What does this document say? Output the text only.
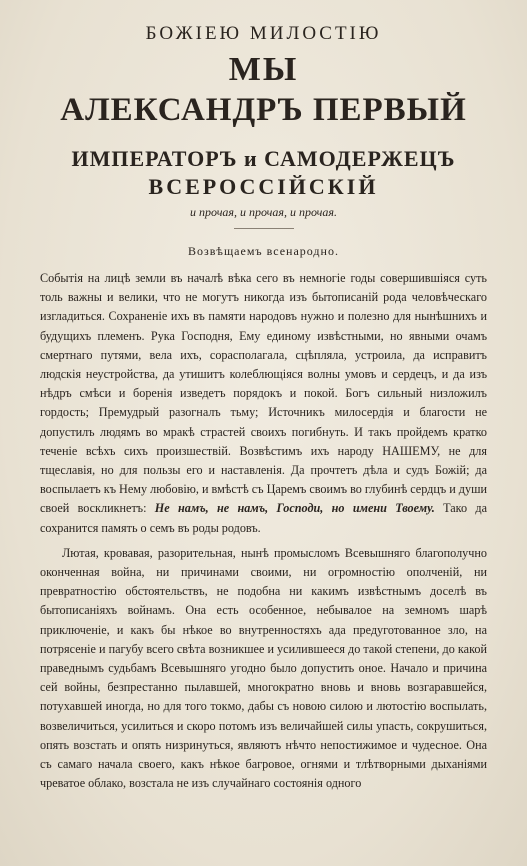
БОЖІЕЮ МИЛОСТІЮ

МЫ

АЛЕКСАНДРЪ ПЕРВЫЙ

ИМПЕРАТОРЪ и САМОДЕРЖЕЦЪ

ВСЕРОССІЙСКІЙ

и прочая, и прочая, и прочая.

Возвѣщаемъ всенародно.

Событія на лицѣ земли въ началѣ вѣка сего въ немногіе годы совершившіяся суть толь важны и велики, что не могутъ никогда изъ бытописаній рода человѣческаго изгладиться. Сохраненіе ихъ въ памяти народовъ нужно и полезно для нынѣшнихъ и будущихъ племенъ. Рука Господня, Ему единому извѣстными, но явными очамъ смертнаго путями, вела ихъ, сорасполагала, сцѣпляла, устроила, да исправитъ людскія неустройства, да утишитъ колеблющіяся волны умовъ и сердецъ, и да изъ нѣдръ смѣси и боренія изведетъ порядокъ и покой. Богъ сильный низложилъ гордость; Премудрый разогналъ тьму; Источникъ милосердія и благости не допустилъ людямъ во мракѣ страстей своихъ погибнуть. И такъ пройдемъ кратко теченіе всѣхъ сихъ произшествій. Возвѣстимъ ихъ народу НАШЕМУ, не для тщеславія, но для пользы его и наставленія. Да прочтетъ дѣла и судъ Божій; да воспылаетъ къ Нему любовію, и вмѣстѣ съ Царемъ своимъ во глубинѣ сердцъ и души своей воскликнетъ: Не намъ, не намъ, Господи, но имени Твоему. Тако да сохранится память о семъ въ роды родовъ.

Лютая, кровавая, разорительная, нынѣ промысломъ Всевышняго благополучно оконченная война, ни причинами своими, ни огромностію ополченій, ни превратностію обстоятельствъ, не подобна ни какимъ извѣстнымъ доселѣ въ бытописаніяхъ войнамъ. Она есть особенное, небывалое на земномъ шарѣ приключеніе, и какъ бы нѣкое во внутренностяхъ ада предуготованное зло, на потрясеніе и пагубу всего свѣта возникшее и усилившееся до такой степени, до какой праведнымъ судьбамъ Всевышняго угодно было допустить оное. Начало и причина сей войны, безпрестанно пылавшей, многократно вновь и вновь возгаравшейся, потухавшей иногда, но для того токмо, дабы съ новою силою и лютостію воспылать, возвеличиться, усилиться и скоро потомъ изъ величайшей силы упасть, сокрушиться, опять возстать и опять низринуться, являютъ нѣчто непостижимое и чудесное. Она съ самаго начала своего, какъ нѣкое багровое, огнями и тлѣтворными дыханіями чреватое облако, возстала не изъ случайнаго состоянія одного
